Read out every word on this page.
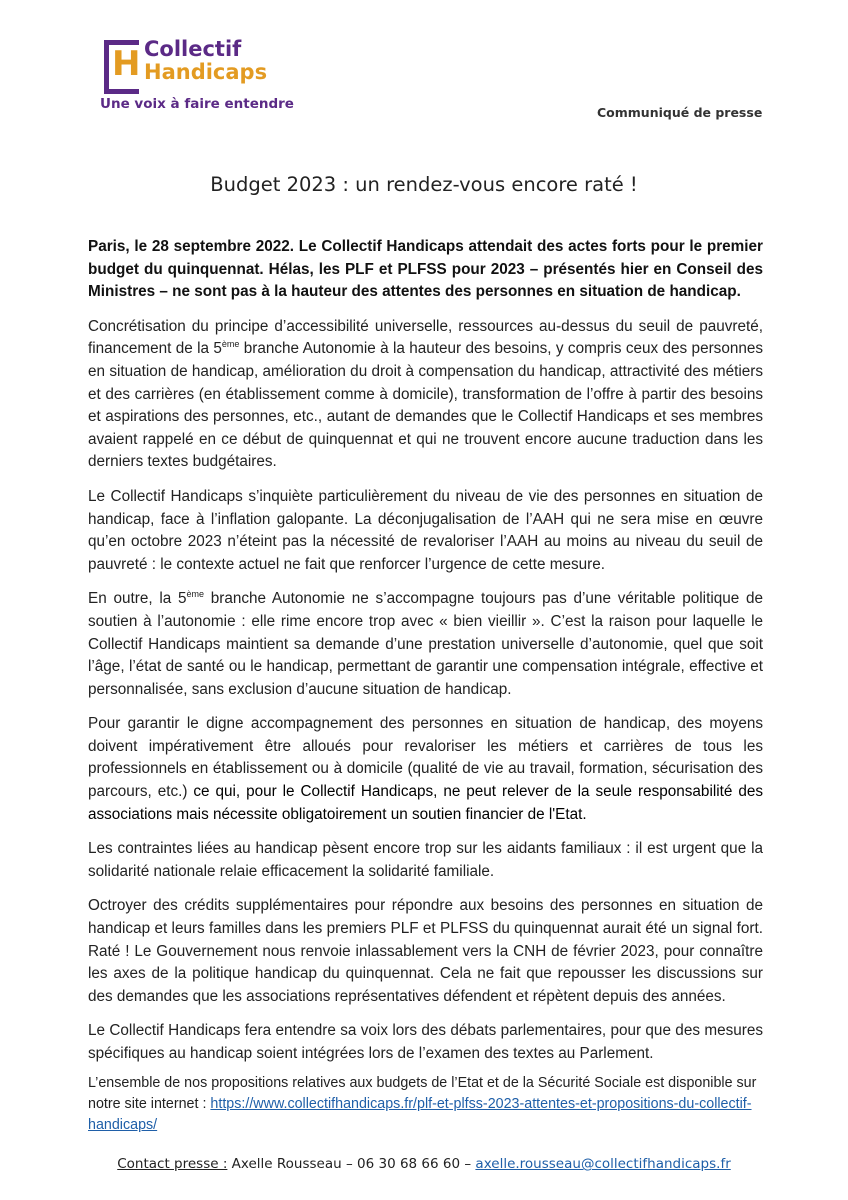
H Collectif
Handicaps
Une voix à faire entendre
Communiqué de presse
Budget 2023 : un rendez-vous encore raté !

Paris, le 28 septembre 2022. Le Collectif Handicaps attendait des actes forts pour le premier budget du quinquennat. Hélas, les PLF et PLFSS pour 2023 – présentés hier en Conseil des Ministres – ne sont pas à la hauteur des attentes des personnes en situation de handicap.

Concrétisation du principe d’accessibilité universelle, ressources au-dessus du seuil de pauvreté, financement de la 5ème branche Autonomie à la hauteur des besoins, y compris ceux des personnes en situation de handicap, amélioration du droit à compensation du handicap, attractivité des métiers et des carrières (en établissement comme à domicile), transformation de l’offre à partir des besoins et aspirations des personnes, etc., autant de demandes que le Collectif Handicaps et ses membres avaient rappelé en ce début de quinquennat et qui ne trouvent encore aucune traduction dans les derniers textes budgétaires.

Le Collectif Handicaps s’inquiète particulièrement du niveau de vie des personnes en situation de handicap, face à l’inflation galopante. La déconjugalisation de l’AAH qui ne sera mise en œuvre qu’en octobre 2023 n’éteint pas la nécessité de revaloriser l’AAH au moins au niveau du seuil de pauvreté : le contexte actuel ne fait que renforcer l’urgence de cette mesure.

En outre, la 5ème branche Autonomie ne s’accompagne toujours pas d’une véritable politique de soutien à l’autonomie : elle rime encore trop avec « bien vieillir ». C’est la raison pour laquelle le Collectif Handicaps maintient sa demande d’une prestation universelle d’autonomie, quel que soit l’âge, l’état de santé ou le handicap, permettant de garantir une compensation intégrale, effective et personnalisée, sans exclusion d’aucune situation de handicap.

Pour garantir le digne accompagnement des personnes en situation de handicap, des moyens doivent impérativement être alloués pour revaloriser les métiers et carrières de tous les professionnels en établissement ou à domicile (qualité de vie au travail, formation, sécurisation des parcours, etc.) ce qui, pour le Collectif Handicaps, ne peut relever de la seule responsabilité des associations mais nécessite obligatoirement un soutien financier de l'Etat.

Les contraintes liées au handicap pèsent encore trop sur les aidants familiaux : il est urgent que la solidarité nationale relaie efficacement la solidarité familiale.

Octroyer des crédits supplémentaires pour répondre aux besoins des personnes en situation de handicap et leurs familles dans les premiers PLF et PLFSS du quinquennat aurait été un signal fort. Raté ! Le Gouvernement nous renvoie inlassablement vers la CNH de février 2023, pour connaître les axes de la politique handicap du quinquennat. Cela ne fait que repousser les discussions sur des demandes que les associations représentatives défendent et répètent depuis des années.

Le Collectif Handicaps fera entendre sa voix lors des débats parlementaires, pour que des mesures spécifiques au handicap soient intégrées lors de l’examen des textes au Parlement.

L’ensemble de nos propositions relatives aux budgets de l’Etat et de la Sécurité Sociale est disponible sur notre site internet : https://www.collectifhandicaps.fr/plf-et-plfss-2023-attentes-et-propositions-du-collectif-handicaps/
Contact presse : Axelle Rousseau – 06 30 68 66 60 – axelle.rousseau@collectifhandicaps.fr
